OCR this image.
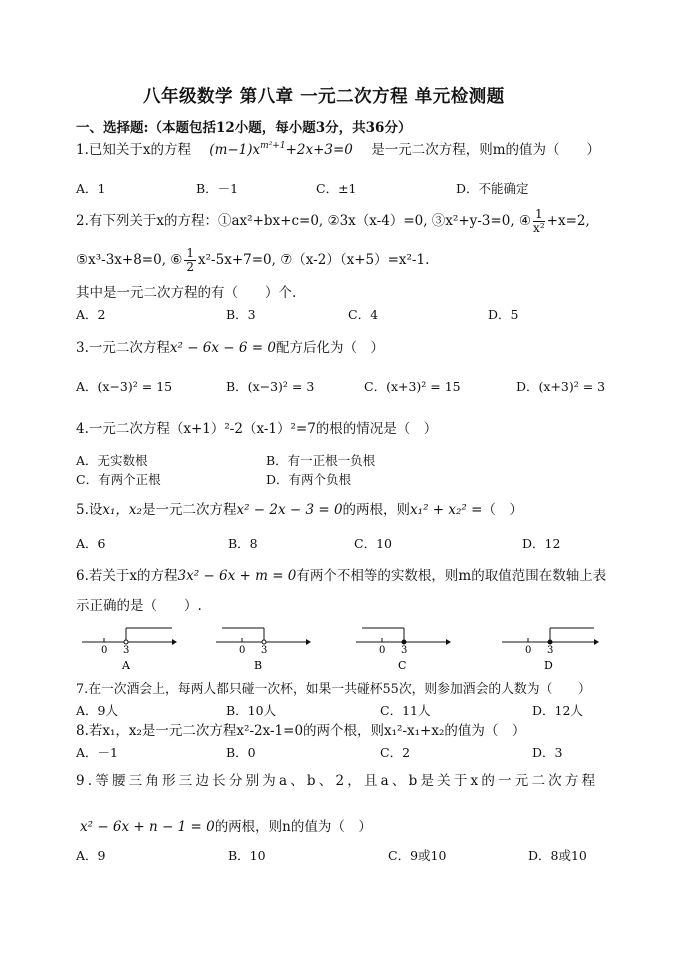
八年级数学 第八章 一元二次方程 单元检测题
一、选择题:（本题包括12小题，每小题3分，共36分）
1.已知关于x的方程 $(m-1)x^{m^2+1}+2x+3=0$ 是一元二次方程，则m的值为（　　）
A．1	B．－1	C．±1	D．不能确定
2.有下列关于x的方程：①ax²+bx+c=0, ②3x（x-4）=0, ③x²+y-3=0, ④ $\frac{1}{\text{x²}} +x=2$,
⑤x³-3x+8=0, ⑥ $\frac{1}{2} x^2-5x+7=0$, ⑦（x-2）（x+5）=x²-1.
其中是一元二次方程的有（　　）个.
A．2	B．3	C．4	D．5
3.一元二次方程x² − 6x − 6 = 0配方后化为（　）
A．(x−3)² = 15	B．(x−3)² = 3	C．(x+3)² = 15	D．(x+3)² = 3
4.一元二次方程（x+1）²-2（x-1）²=7的根的情况是（　）
A．无实数根	B．有一正根一负根
C．有两个正根	D．有两个负根
5.设x₁，x₂是一元二次方程x² − 2x − 3 = 0的两根，则x₁² + x₂² =（　）
A．6	B．8	C．10	D．12
6.若关于x的方程3x² − 6x + m = 0有两个不相等的实数根，则m的取值范围在数轴上表
示正确的是（　　）.
0 3
A
0 3
B
0 3
C
0 3
D
7.在一次酒会上，每两人都只碰一次杯，如果一共碰杯55次，则参加酒会的人数为（　　）
A．9人	B．10人	C．11人	D．12人
8.若x₁，x₂是一元二次方程x²-2x-1=0的两个根，则x₁²-x₁+x₂的值为（　）
A．－1	B．0	C．2	D．3
9.等腰三角形三边长分别为a、b、2，且a、b是关于x的一元二次方程
x² − 6x + n − 1 = 0的两根，则n的值为（　）
A．9	B．10	C．9或10	D．8或10
